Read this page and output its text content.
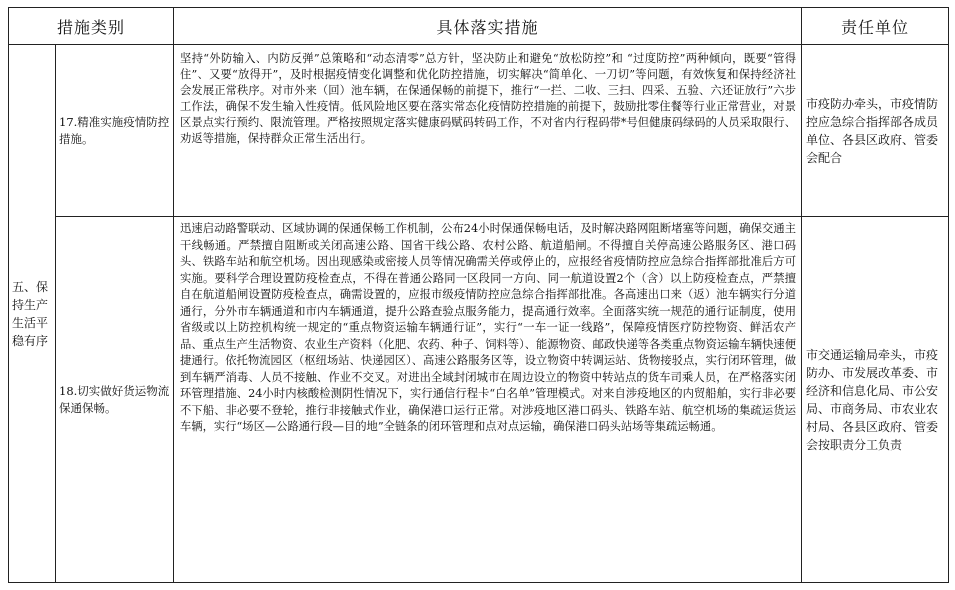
措施类别		具体落实措施	责任单位
五、保持生产生活平稳有序	17.精准实施疫情防控措施。	坚持“外防输入、内防反弹”总策略和“动态清零”总方针，坚决防止和避免“放松防控”和 “过度防控”两种倾向，既要“管得住”、又要“放得开”，及时根据疫情变化调整和优化防控措施，切实解决“简单化、一刀切”等问题，有效恢复和保持经济社会发展正常秩序。对市外来（回）池车辆，在保通保畅的前提下，推行“一拦、二收、三扫、四采、五验、六还证放行”六步工作法，确保不发生输入性疫情。低风险地区要在落实常态化疫情防控措施的前提下，鼓励批零住餐等行业正常营业，对景区景点实行预约、限流管理。严格按照规定落实健康码赋码转码工作，不对省内行程码带*号但健康码绿码的人员采取限行、劝返等措施，保持群众正常生活出行。	市疫防办牵头，市疫情防控应急综合指挥部各成员单位、各县区政府、管委会配合
	18.切实做好货运物流保通保畅。	迅速启动路警联动、区域协调的保通保畅工作机制，公布24小时保通保畅电话，及时解决路网阻断堵塞等问题，确保交通主干线畅通。严禁擅自阻断或关闭高速公路、国省干线公路、农村公路、航道船闸。不得擅自关停高速公路服务区、港口码头、铁路车站和航空机场。因出现感染或密接人员等情况确需关停或停止的，应报经省疫情防控应急综合指挥部批准后方可实施。要科学合理设置防疫检查点，不得在普通公路同一区段同一方向、同一航道设置2个（含）以上防疫检查点，严禁擅自在航道船闸设置防疫检查点，确需设置的，应报市级疫情防控应急综合指挥部批准。各高速出口来（返）池车辆实行分道通行，分外市车辆通道和市内车辆通道，提升公路查验点服务能力，提高通行效率。全面落实统一规范的通行证制度，使用省级或以上防控机构统一规定的“重点物资运输车辆通行证”，实行“一车一证一线路”，保障疫情医疗防控物资、鲜活农产品、重点生产生活物资、农业生产资料（化肥、农药、种子、饲料等）、能源物资、邮政快递等各类重点物资运输车辆快速便捷通行。依托物流园区（枢纽场站、快递园区）、高速公路服务区等，设立物资中转调运站、货物接驳点，实行闭环管理，做到车辆严消毒、人员不接触、作业不交叉。对进出全域封闭城市在周边设立的物资中转站点的货车司乘人员，在严格落实闭环管理措施、24小时内核酸检测阴性情况下，实行通信行程卡“白名单”管理模式。对来自涉疫地区的内贸船舶，实行非必要不下船、非必要不登轮，推行非接触式作业，确保港口运行正常。对涉疫地区港口码头、铁路车站、航空机场的集疏运货运车辆，实行“场区—公路通行段—目的地”全链条的闭环管理和点对点运输，确保港口码头站场等集疏运畅通。	市交通运输局牵头，市疫防办、市发展改革委、市经济和信息化局、市公安局、市商务局、市农业农村局、各县区政府、管委会按职责分工负责
